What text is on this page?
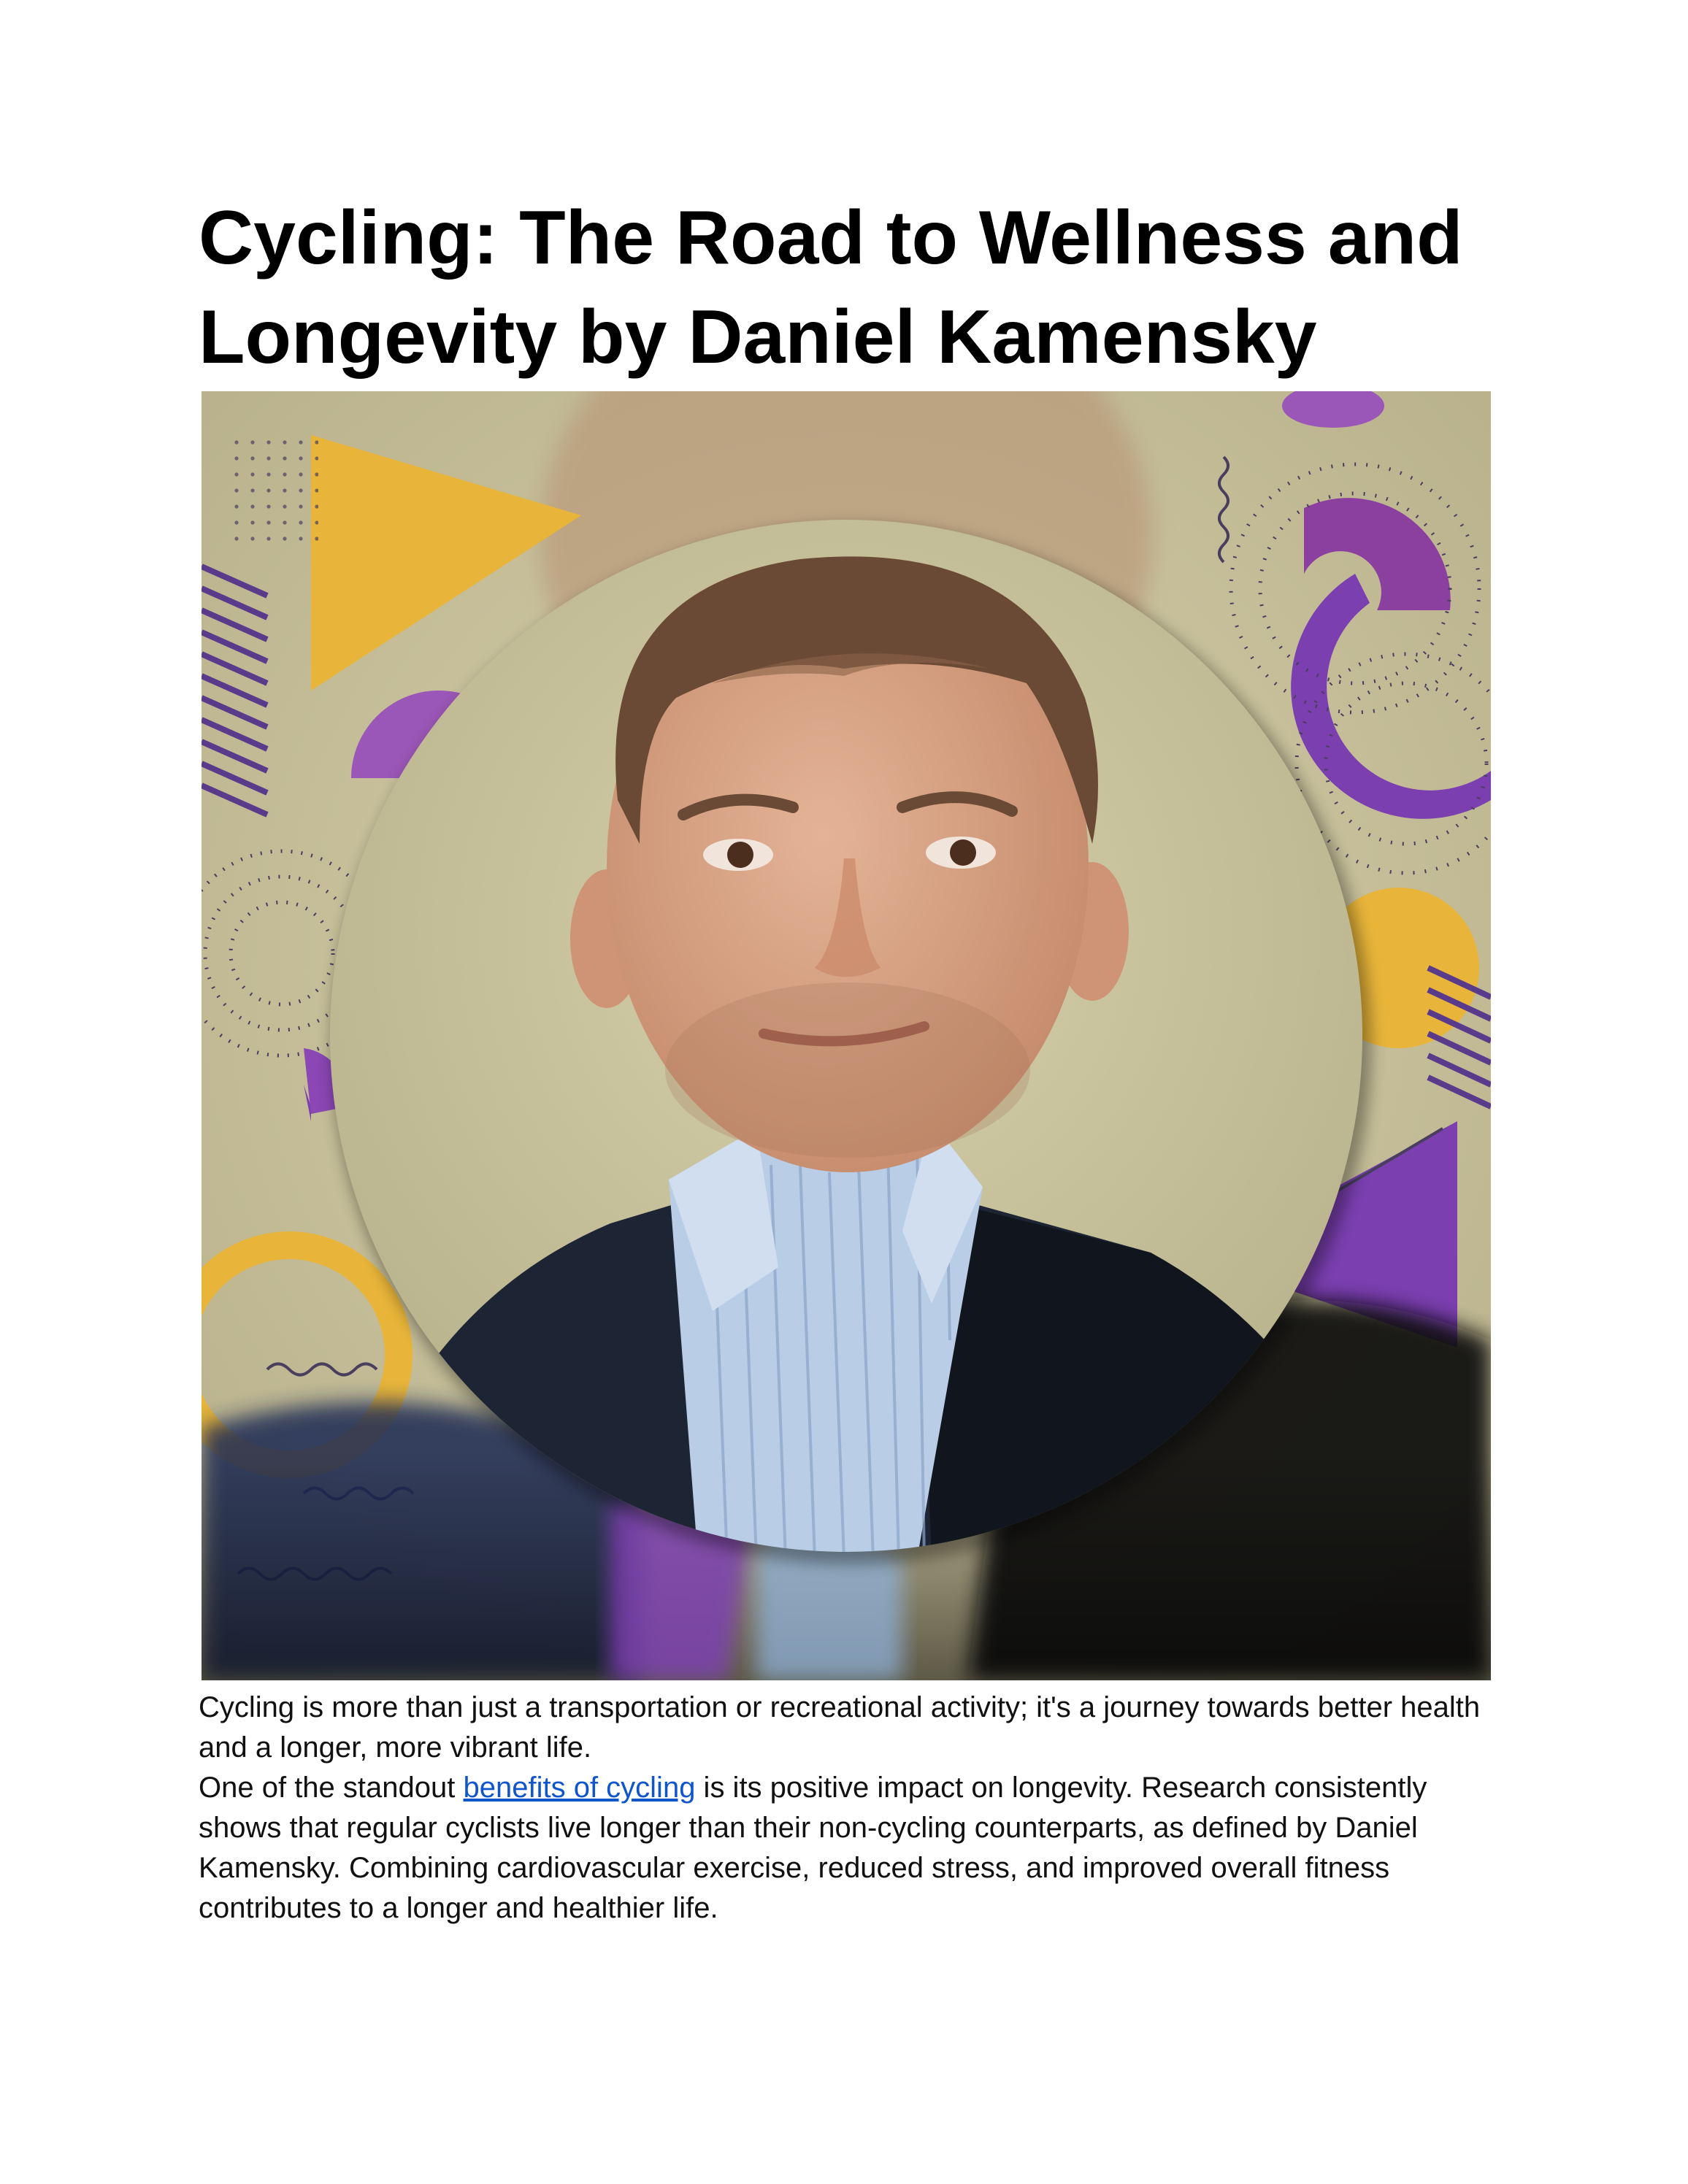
Cycling: The Road to Wellness and Longevity by Daniel Kamensky

Cycling is more than just a transportation or recreational activity; it's a journey towards better health and a longer, more vibrant life.

One of the standout benefits of cycling is its positive impact on longevity. Research consistently shows that regular cyclists live longer than their non-cycling counterparts, as defined by Daniel Kamensky. Combining cardiovascular exercise, reduced stress, and improved overall fitness contributes to a longer and healthier life.
